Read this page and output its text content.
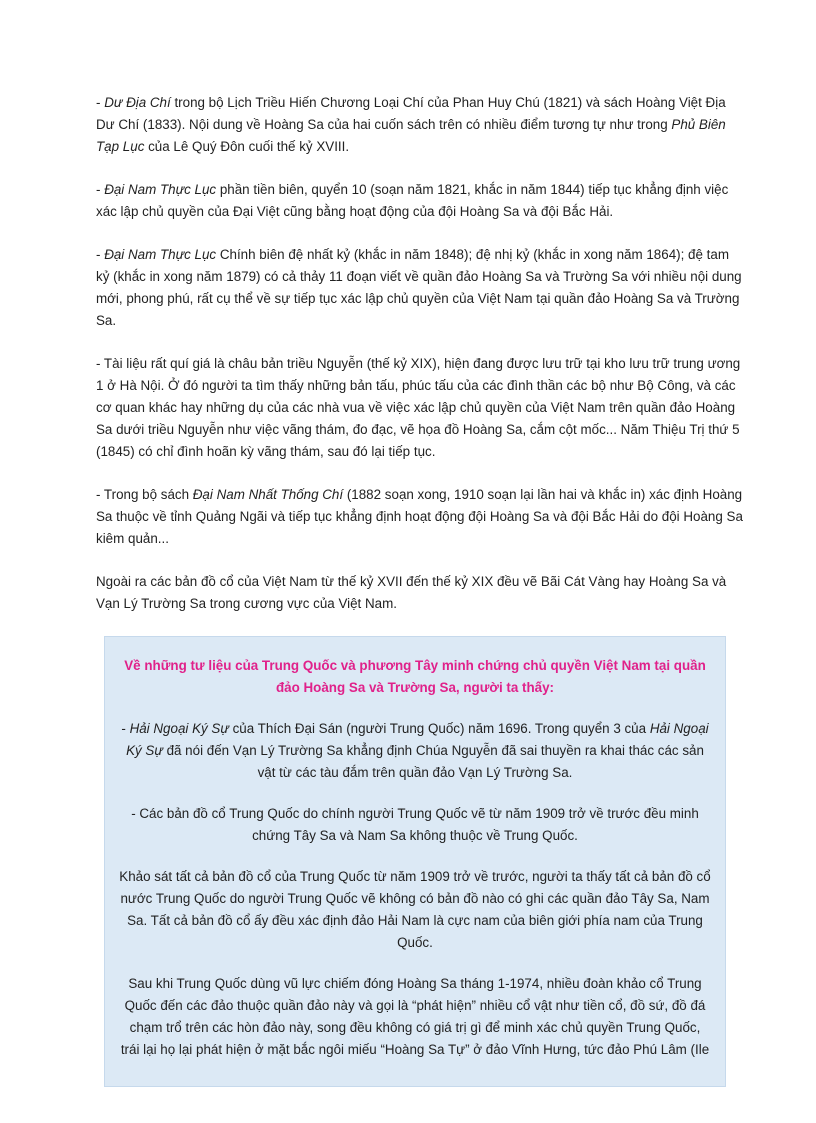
- Dư Địa Chí trong bộ Lịch Triều Hiến Chương Loại Chí của Phan Huy Chú (1821) và sách Hoàng Việt Địa Dư Chí (1833). Nội dung về Hoàng Sa của hai cuốn sách trên có nhiều điểm tương tự như trong Phủ Biên Tạp Lục của Lê Quý Đôn cuối thế kỷ XVIII.

- Đại Nam Thực Lục phần tiền biên, quyển 10 (soạn năm 1821, khắc in năm 1844) tiếp tục khẳng định việc xác lập chủ quyền của Đại Việt cũng bằng hoạt động của đội Hoàng Sa và đội Bắc Hải.

- Đại Nam Thực Lục Chính biên đệ nhất kỷ (khắc in năm 1848); đệ nhị kỷ (khắc in xong năm 1864); đệ tam kỷ (khắc in xong năm 1879) có cả thảy 11 đoạn viết về quần đảo Hoàng Sa và Trường Sa với nhiều nội dung mới, phong phú, rất cụ thể về sự tiếp tục xác lập chủ quyền của Việt Nam tại quần đảo Hoàng Sa và Trường Sa.

- Tài liệu rất quí giá là châu bản triều Nguyễn (thế kỷ XIX), hiện đang được lưu trữ tại kho lưu trữ trung ương 1 ở Hà Nội. Ở đó người ta tìm thấy những bản tấu, phúc tấu của các đình thần các bộ như Bộ Công, và các cơ quan khác hay những dụ của các nhà vua về việc xác lập chủ quyền của Việt Nam trên quần đảo Hoàng Sa dưới triều Nguyễn như việc vãng thám, đo đạc, vẽ họa đồ Hoàng Sa, cắm cột mốc... Năm Thiệu Trị thứ 5 (1845) có chỉ đình hoãn kỳ vãng thám, sau đó lại tiếp tục.

- Trong bộ sách Đại Nam Nhất Thống Chí (1882 soạn xong, 1910 soạn lại lần hai và khắc in) xác định Hoàng Sa thuộc về tỉnh Quảng Ngãi và tiếp tục khẳng định hoạt động đội Hoàng Sa và đội Bắc Hải do đội Hoàng Sa kiêm quản...

Ngoài ra các bản đồ cổ của Việt Nam từ thế kỷ XVII đến thế kỷ XIX đều vẽ Bãi Cát Vàng hay Hoàng Sa và Vạn Lý Trường Sa trong cương vực của Việt Nam.

Về những tư liệu của Trung Quốc và phương Tây minh chứng chủ quyền Việt Nam tại quần đảo Hoàng Sa và Trường Sa, người ta thấy:

- Hải Ngoại Ký Sự của Thích Đại Sán (người Trung Quốc) năm 1696. Trong quyển 3 của Hải Ngoại Ký Sự đã nói đến Vạn Lý Trường Sa khẳng định Chúa Nguyễn đã sai thuyền ra khai thác các sản vật từ các tàu đắm trên quần đảo Vạn Lý Trường Sa.

- Các bản đồ cổ Trung Quốc do chính người Trung Quốc vẽ từ năm 1909 trở về trước đều minh chứng Tây Sa và Nam Sa không thuộc về Trung Quốc.

Khảo sát tất cả bản đồ cổ của Trung Quốc từ năm 1909 trở về trước, người ta thấy tất cả bản đồ cổ nước Trung Quốc do người Trung Quốc vẽ không có bản đồ nào có ghi các quần đảo Tây Sa, Nam Sa. Tất cả bản đồ cổ ấy đều xác định đảo Hải Nam là cực nam của biên giới phía nam của Trung Quốc.

Sau khi Trung Quốc dùng vũ lực chiếm đóng Hoàng Sa tháng 1-1974, nhiều đoàn khảo cổ Trung Quốc đến các đảo thuộc quần đảo này và gọi là “phát hiện” nhiều cổ vật như tiền cổ, đồ sứ, đồ đá chạm trổ trên các hòn đảo này, song đều không có giá trị gì để minh xác chủ quyền Trung Quốc, trái lại họ lại phát hiện ở mặt bắc ngôi miếu “Hoàng Sa Tự” ở đảo Vĩnh Hưng, tức đảo Phú Lâm (Ile
